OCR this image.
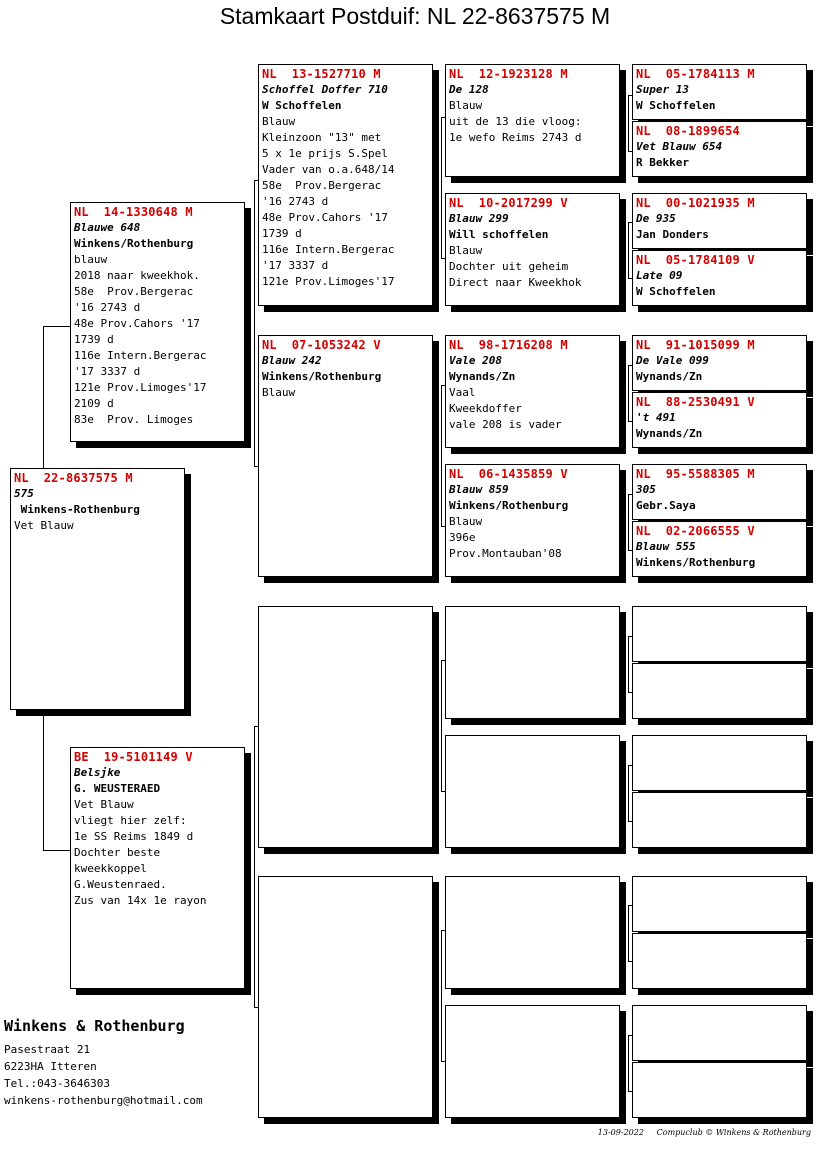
Stamkaart Postduif: NL 22-8637575 M
NL  22-8637575 M
575
Winkens-Rothenburg
Vet Blauw
NL  14-1330648 M
Blauwe 648
Winkens/Rothenburg
blauw
2018 naar kweekhok.
58e  Prov.Bergerac
'16 2743 d
48e Prov.Cahors '17
1739 d
116e Intern.Bergerac
'17 3337 d
121e Prov.Limoges'17
2109 d
83e  Prov. Limoges
BE  19-5101149 V
Belsjke
G. WEUSTERAED
Vet Blauw
vliegt hier zelf:
1e SS Reims 1849 d
Dochter beste
kweekkoppel
G.Weustenraed.
Zus van 14x 1e rayon
NL  13-1527710 M
Schoffel Doffer 710
W Schoffelen
Blauw
Kleinzoon "13" met
5 x 1e prijs S.Spel
Vader van o.a.648/14
58e  Prov.Bergerac
'16 2743 d
48e Prov.Cahors '17
1739 d
116e Intern.Bergerac
'17 3337 d
121e Prov.Limoges'17
NL  07-1053242 V
Blauw 242
Winkens/Rothenburg
Blauw
NL  12-1923128 M
De 128
Blauw
uit de 13 die vloog:
1e wefo Reims 2743 d
NL  10-2017299 V
Blauw 299
Will schoffelen
Blauw
Dochter uit geheim
Direct naar Kweekhok
NL  98-1716208 M
Vale 208
Wynands/Zn
Vaal
Kweekdoffer
vale 208 is vader
NL  06-1435859 V
Blauw 859
Winkens/Rothenburg
Blauw
396e
Prov.Montauban'08
NL  05-1784113 M
Super 13
W Schoffelen
NL  08-1899654
Vet Blauw 654
R Bekker
NL  00-1021935 M
De 935
Jan Donders
NL  05-1784109 V
Late 09
W Schoffelen
NL  91-1015099 M
De Vale 099
Wynands/Zn
NL  88-2530491 V
't 491
Wynands/Zn
NL  95-5588305 M
305
Gebr.Saya
NL  02-2066555 V
Blauw 555
Winkens/Rothenburg
Winkens & Rothenburg
Pasestraat 21
6223HA Itteren
Tel.:043-3646303
winkens-rothenburg@hotmail.com
13-09-2022 Compuclub © Winkens & Rothenburg
